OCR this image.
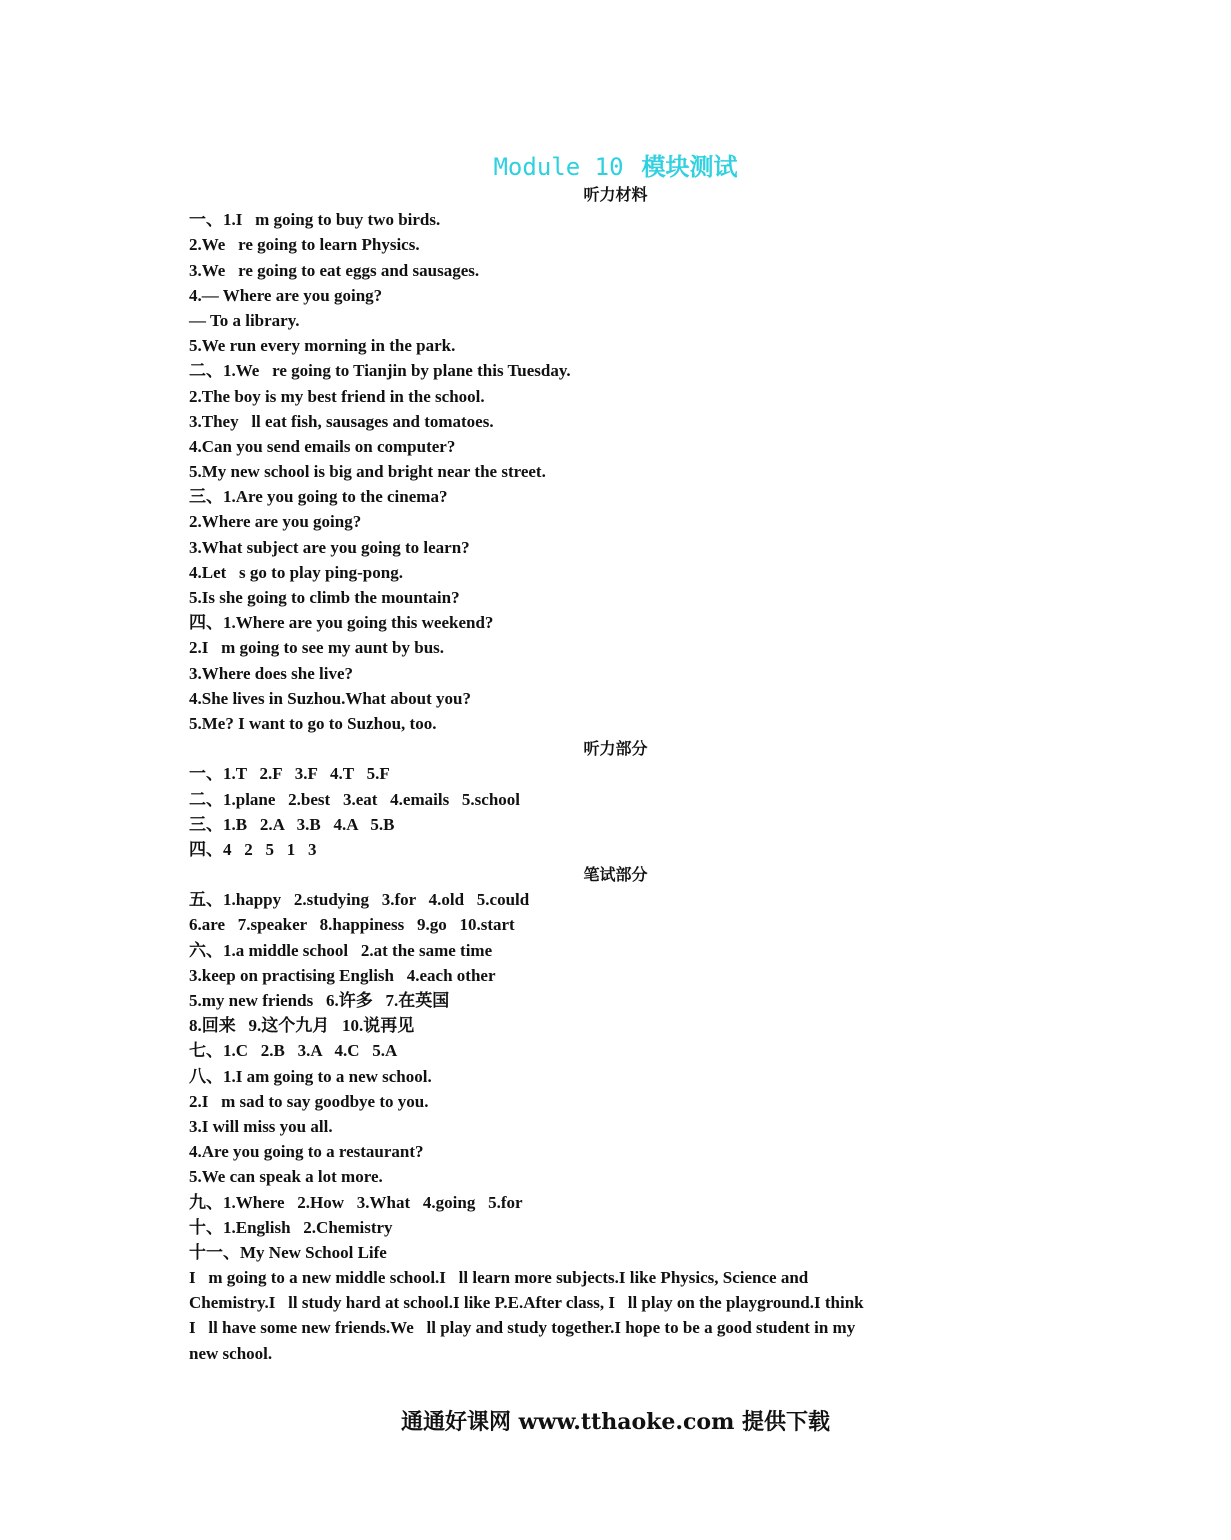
Module 10 模块测试
听力材料
一、1.I   m going to buy two birds.
2.We   re going to learn Physics.
3.We   re going to eat eggs and sausages.
4.— Where are you going?
— To a library.
5.We run every morning in the park.
二、1.We   re going to Tianjin by plane this Tuesday.
2.The boy is my best friend in the school.
3.They   ll eat fish, sausages and tomatoes.
4.Can you send emails on computer?
5.My new school is big and bright near the street.
三、1.Are you going to the cinema?
2.Where are you going?
3.What subject are you going to learn?
4.Let   s go to play ping-pong.
5.Is she going to climb the mountain?
四、1.Where are you going this weekend?
2.I   m going to see my aunt by bus.
3.Where does she live?
4.She lives in Suzhou.What about you?
5.Me? I want to go to Suzhou, too.
听力部分
一、1.T   2.F   3.F   4.T   5.F
二、1.plane   2.best   3.eat   4.emails   5.school
三、1.B   2.A   3.B   4.A   5.B
四、4   2   5   1   3
笔试部分
五、1.happy   2.studying   3.for   4.old   5.could
6.are   7.speaker   8.happiness   9.go   10.start
六、1.a middle school   2.at the same time
3.keep on practising English   4.each other
5.my new friends   6.许多   7.在英国
8.回来   9.这个九月   10.说再见
七、1.C   2.B   3.A   4.C   5.A
八、1.I am going to a new school.
2.I   m sad to say goodbye to you.
3.I will miss you all.
4.Are you going to a restaurant?
5.We can speak a lot more.
九、1.Where   2.How   3.What   4.going   5.for
十、1.English   2.Chemistry
十一、My New School Life
I   m going to a new middle school.I   ll learn more subjects.I like Physics, Science and
Chemistry.I   ll study hard at school.I like P.E.After class, I   ll play on the playground.I think
I   ll have some new friends.We   ll play and study together.I hope to be a good student in my
new school.
通通好课网 www.tthaoke.com 提供下载
